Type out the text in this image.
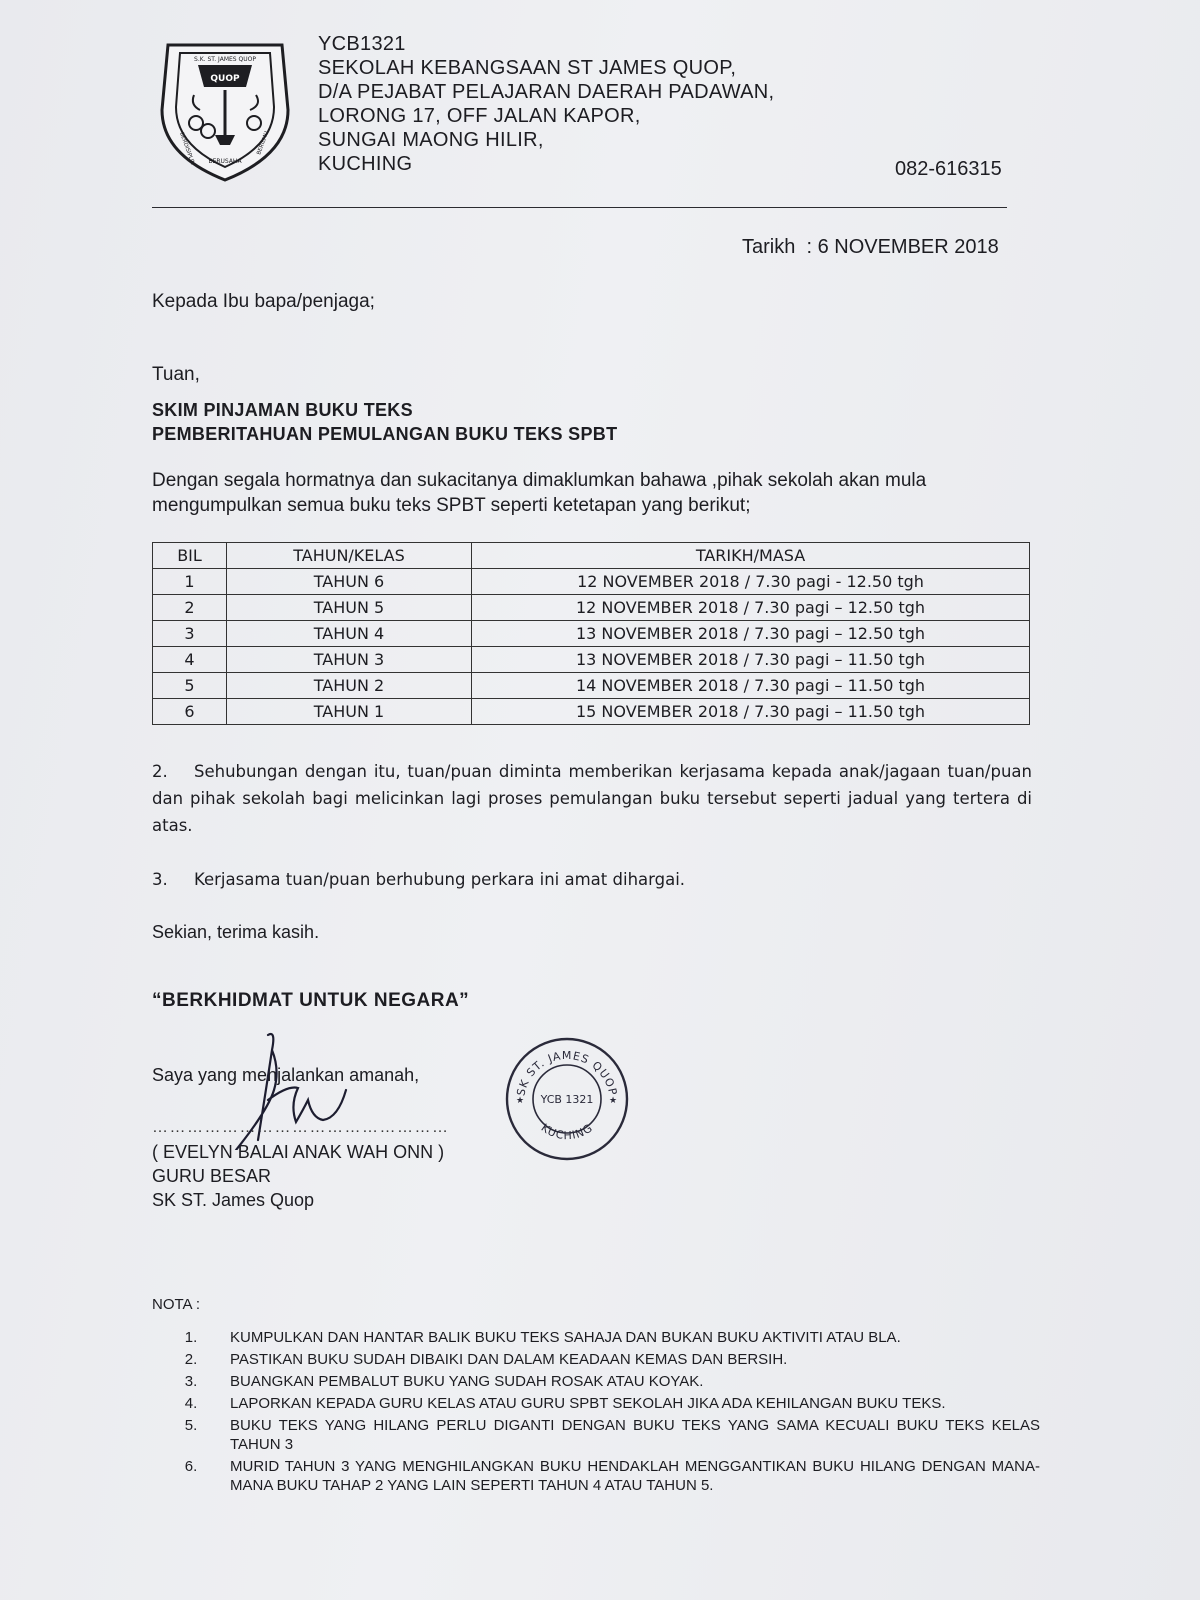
QUOP
S.K. ST. JAMES QUOP
BERDISIPLIN BERUSAHA
BERILMU
YCB1321
SEKOLAH KEBANGSAAN ST JAMES QUOP,
D/A PEJABAT PELAJARAN DAERAH PADAWAN,
LORONG 17, OFF JALAN KAPOR,
SUNGAI MAONG HILIR,
KUCHING	082-616315
Tarikh  : 6 NOVEMBER 2018
Kepada Ibu bapa/penjaga;
Tuan,
SKIM PINJAMAN BUKU TEKS
PEMBERITAHUAN PEMULANGAN BUKU TEKS SPBT
Dengan segala hormatnya dan sukacitanya dimaklumkan bahawa ,pihak sekolah akan mula mengumpulkan semua buku teks SPBT seperti ketetapan yang berikut;
BIL	TAHUN/KELAS	TARIKH/MASA
1	TAHUN 6	12 NOVEMBER 2018 / 7.30 pagi - 12.50 tgh
2	TAHUN 5	12 NOVEMBER 2018 / 7.30 pagi – 12.50 tgh
3	TAHUN 4	13 NOVEMBER 2018 / 7.30 pagi – 12.50 tgh
4	TAHUN 3	13 NOVEMBER 2018 / 7.30 pagi – 11.50 tgh
5	TAHUN 2	14 NOVEMBER 2018 / 7.30 pagi – 11.50 tgh
6	TAHUN 1	15 NOVEMBER 2018 / 7.30 pagi – 11.50 tgh
2. Sehubungan dengan itu, tuan/puan diminta memberikan kerjasama kepada anak/jagaan tuan/puan dan pihak sekolah bagi melicinkan lagi proses pemulangan buku tersebut seperti jadual yang tertera di atas.
3. Kerjasama tuan/puan berhubung perkara ini amat dihargai.
Sekian, terima kasih.
“BERKHIDMAT UNTUK NEGARA”
Saya yang menjalankan amanah,
……………………………………………
( EVELYN BALAI ANAK WAH ONN )
GURU BESAR
SK ST. James Quop
SK ST. JAMES QUOP
KUCHING
YCB 1321
★	★
NOTA :
1.	KUMPULKAN DAN HANTAR BALIK BUKU TEKS SAHAJA DAN BUKAN BUKU AKTIVITI ATAU BLA.
2.	PASTIKAN BUKU SUDAH DIBAIKI DAN DALAM KEADAAN KEMAS DAN BERSIH.
3.	BUANGKAN PEMBALUT BUKU YANG SUDAH ROSAK ATAU KOYAK.
4.	LAPORKAN KEPADA GURU KELAS ATAU GURU SPBT SEKOLAH JIKA ADA KEHILANGAN BUKU TEKS.
5.	BUKU TEKS YANG HILANG PERLU DIGANTI DENGAN BUKU TEKS YANG SAMA KECUALI BUKU TEKS KELAS TAHUN 3
6.	MURID TAHUN 3 YANG MENGHILANGKAN BUKU HENDAKLAH MENGGANTIKAN BUKU HILANG DENGAN MANA-MANA BUKU TAHAP 2 YANG LAIN SEPERTI TAHUN 4 ATAU TAHUN 5.
